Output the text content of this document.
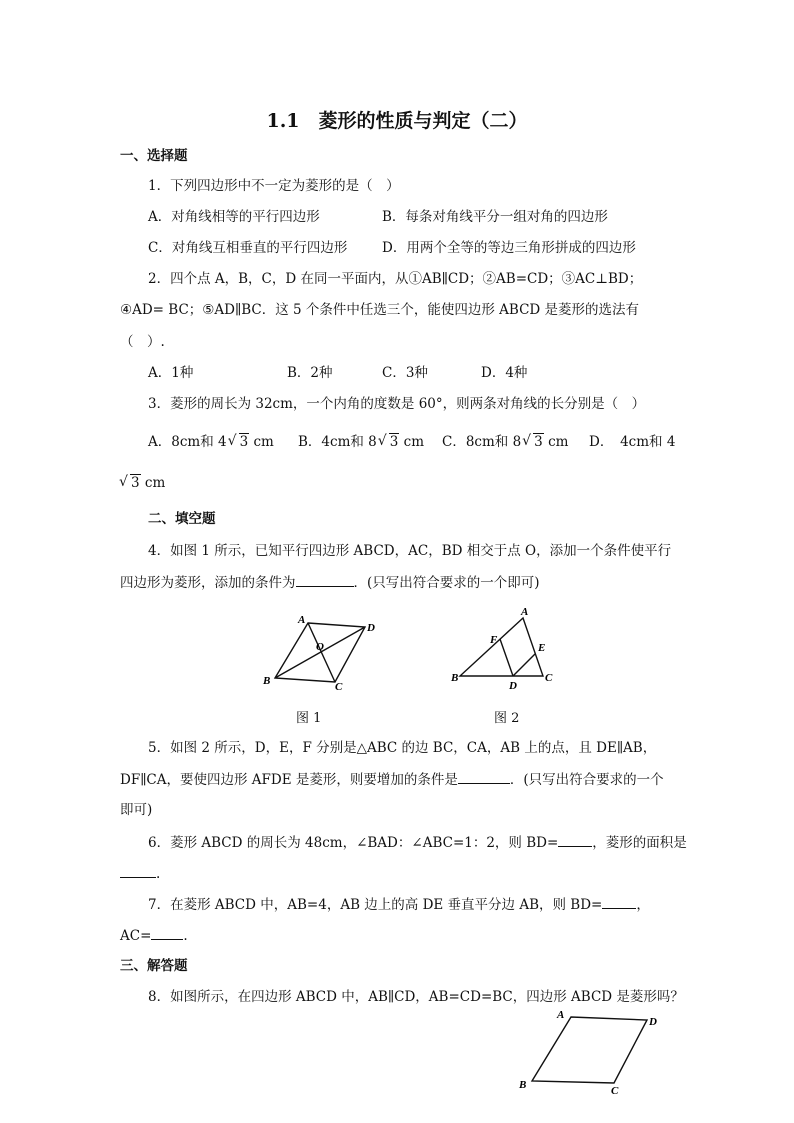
1.1　菱形的性质与判定（二）
一、选择题
1．下列四边形中不一定为菱形的是（　）
A．对角线相等的平行四边形	B．每条对角线平分一组对角的四边形
C．对角线互相垂直的平行四边形	D．用两个全等的等边三角形拼成的四边形
2．四个点 A，B，C，D 在同一平面内，从①AB∥CD；②AB=CD；③AC⊥BD；
④AD= BC；⑤AD∥BC．这 5 个条件中任选三个，能使四边形 ABCD 是菱形的选法有
（　）.
A．1种	B．2种	C．3种	D．4种
3．菱形的周长为 32cm，一个内角的度数是 60°，则两条对角线的长分别是（　）
A．8cm和 4 √ 3 cm B．4cm和 8 √ 3 cm C．8cm和 8 √ 3 cm D．　4cm和 4
√ 3 cm
二、填空题
4．如图 1 所示，已知平行四边形 ABCD，AC，BD 相交于点 O，添加一个条件使平行
四边形为菱形，添加的条件为	．(只写出符合要求的一个即可)
A
D
O
B	C
图 1
A
F
E
B
D
C
图 2
5．如图 2 所示，D，E，F 分别是△ABC 的边 BC，CA，AB 上的点，且 DE∥AB，
DF∥CA，要使四边形 AFDE 是菱形，则要增加的条件是	．(只写出符合要求的一个
即可)
6．菱形 ABCD 的周长为 48cm，∠BAD：∠ABC=1：2，则 BD=	，菱形的面积是
.
7．在菱形 ABCD 中，AB=4，AB 边上的高 DE 垂直平分边 AB，则 BD=	，
AC= .
三、解答题
8．如图所示，在四边形 ABCD 中，AB∥CD，AB=CD=BC，四边形 ABCD 是菱形吗？
A
D
B	C
